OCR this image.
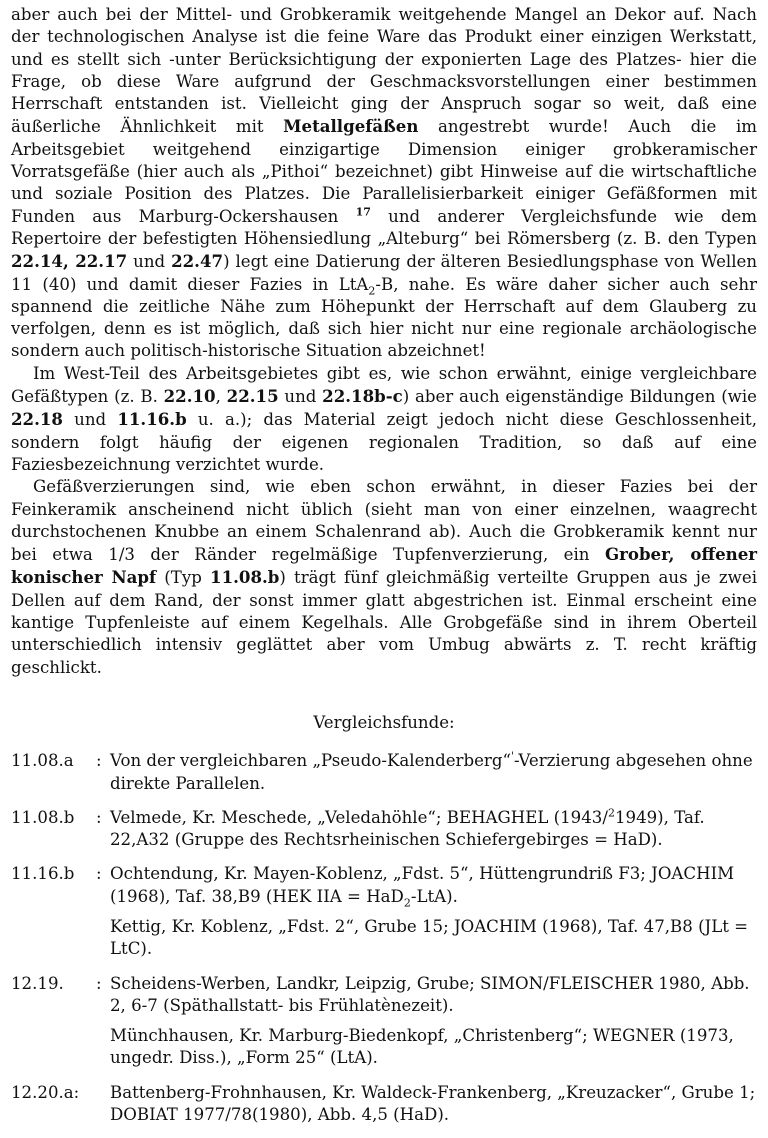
aber auch bei der Mittel- und Grobkeramik weitgehende Mangel an Dekor auf. Nach der technologischen Analyse ist die feine Ware das Produkt einer einzigen Werkstatt, und es stellt sich -unter Berücksichtigung der exponierten Lage des Platzes- hier die Frage, ob diese Ware aufgrund der Geschmacksvorstellungen einer bestimmen Herrschaft entstanden ist. Vielleicht ging der Anspruch sogar so weit, daß eine äußerliche Ähnlichkeit mit Metallgefäßen angestrebt wurde! Auch die im Arbeitsgebiet weitgehend einzigartige Dimension einiger grobkeramischer Vorratsgefäße (hier auch als „Pithoi“ bezeichnet) gibt Hinweise auf die wirtschaftliche und soziale Position des Platzes. Die Parallelisierbarkeit einiger Gefäßformen mit Funden aus Marburg-Ockershausen $^{17}$ und anderer Vergleichsfunde wie dem Repertoire der befestigten Höhensiedlung „Alteburg“ bei Römersberg (z. B. den Typen 22.14, 22.17 und 22.47) legt eine Datierung der älteren Besiedlungsphase von Wellen 11 (40) und damit dieser Fazies in LtA$_2$-B, nahe. Es wäre daher sicher auch sehr spannend die zeitliche Nähe zum Höhepunkt der Herrschaft auf dem Glauberg zu verfolgen, denn es ist möglich, daß sich hier nicht nur eine regionale archäologische sondern auch politisch-historische Situation abzeichnet!

Im West-Teil des Arbeitsgebietes gibt es, wie schon erwähnt, einige vergleichbare Gefäßtypen (z. B. 22.10, 22.15 und 22.18b-c) aber auch eigenständige Bildungen (wie 22.18 und 11.16.b u. a.); das Material zeigt jedoch nicht diese Geschlossenheit, sondern folgt häufig der eigenen regionalen Tradition, so daß auf eine Faziesbezeichnung verzichtet wurde.

Gefäßverzierungen sind, wie eben schon erwähnt, in dieser Fazies bei der Feinkeramik anscheinend nicht üblich (sieht man von einer einzelnen, waagrecht durchstochenen Knubbe an einem Schalenrand ab). Auch die Grobkeramik kennt nur bei etwa 1/3 der Ränder regelmäßige Tupfenverzierung, ein Grober, offener konischer Napf (Typ 11.08.b) trägt fünf gleichmäßig verteilte Gruppen aus je zwei Dellen auf dem Rand, der sonst immer glatt abgestrichen ist. Einmal erscheint eine kantige Tupfenleiste auf einem Kegelhals. Alle Grobgefäße sind in ihrem Oberteil unterschiedlich intensiv geglättet aber vom Umbug abwärts z. T. recht kräftig geschlickt.

Vergleichsfunde:
11.08.a	: Von der vergleichbaren „Pseudo-Kalenderberg“'-Verzierung abgesehen ohne direkte Parallelen.
11.08.b	: Velmede, Kr. Meschede, „Veledahöhle“; BEHAGHEL (1943/$^2$1949), Taf. 22,A32 (Gruppe des Rechtsrheinischen Schiefergebirges = HaD).
11.16.b	: Ochtendung, Kr. Mayen-Koblenz, „Fdst. 5“, Hüttengrundriß F3; JOACHIM (1968), Taf. 38,B9 (HEK IIA = HaD$_2$-LtA).
Kettig, Kr. Koblenz, „Fdst. 2“, Grube 15; JOACHIM (1968), Taf. 47,B8 (JLt = LtC).
12.19.	: Scheidens-Werben, Landkr, Leipzig, Grube; SIMON/FLEISCHER 1980, Abb. 2, 6-7 (Späthallstatt- bis Frühlatènezeit).
Münchhausen, Kr. Marburg-Biedenkopf, „Christenberg“; WEGNER (1973, ungedr. Diss.), „Form 25“ (LtA).
12.20.a:	Battenberg-Frohnhausen, Kr. Waldeck-Frankenberg, „Kreuzacker“, Grube 1; DOBIAT 1977/78(1980), Abb. 4,5 (HaD).
